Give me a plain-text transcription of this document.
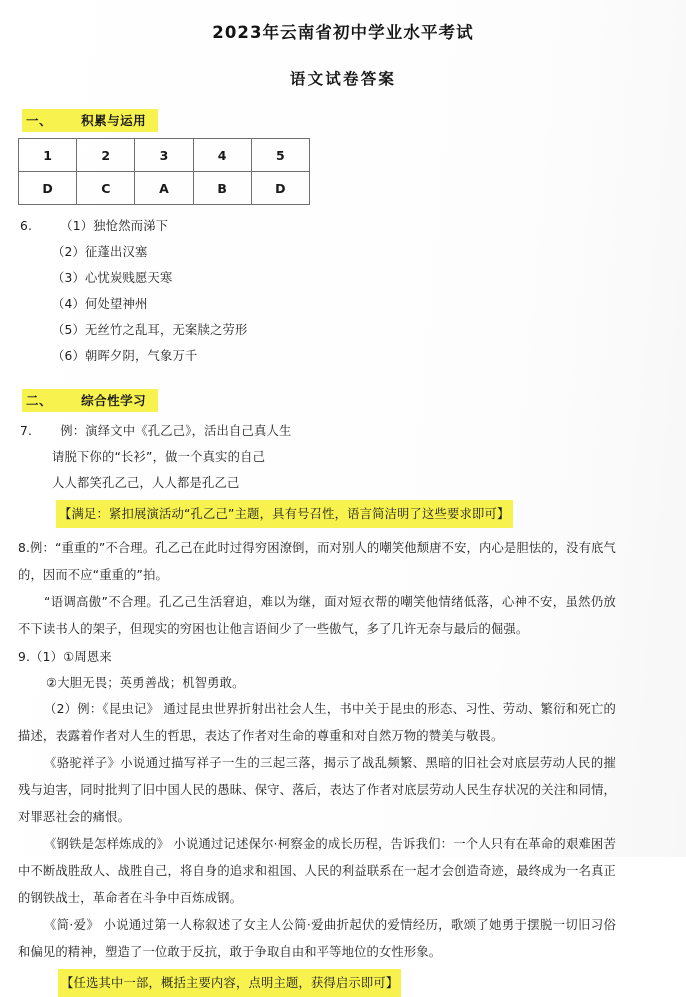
2023年云南省初中学业水平考试
语文试卷答案
一、      积累与运用
1	2	3	4	5
D	C	A	B	D
6. （1）独怆然而涕下
（2）征蓬出汉塞
（3）心忧炭贱愿天寒
（4）何处望神州
（5）无丝竹之乱耳，无案牍之劳形
（6）朝晖夕阴，气象万千
二、      综合性学习
7. 例：演绎文中《孔乙己》，活出自己真人生
请脱下你的“长衫”，做一个真实的自己
人人都笑孔乙己，人人都是孔乙己
【满足：紧扣展演活动“孔乙己”主题，具有号召性，语言简洁明了这些要求即可】
8.例：“重重的”不合理。孔乙己在此时过得穷困潦倒，而对别人的嘲笑他颓唐不安，内心是胆怯的，没有底气的，因而不应“重重的”拍。
“语调高傲”不合理。孔乙己生活窘迫，难以为继，面对短衣帮的嘲笑他情绪低落，心神不安，虽然仍放不下读书人的架子，但现实的穷困也让他言语间少了一些傲气，多了几许无奈与最后的倔强。
9.（1）①周恩来
②大胆无畏；英勇善战；机智勇敢。
（2）例：《昆虫记》 通过昆虫世界折射出社会人生，书中关于昆虫的形态、习性、劳动、繁衍和死亡的描述，表露着作者对人生的哲思，表达了作者对生命的尊重和对自然万物的赞美与敬畏。
《骆驼祥子》小说通过描写祥子一生的三起三落，揭示了战乱频繁、黑暗的旧社会对底层劳动人民的摧残与迫害，同时批判了旧中国人民的愚昧、保守、落后，表达了作者对底层劳动人民生存状况的关注和同情，对罪恶社会的痛恨。
《钢铁是怎样炼成的》 小说通过记述保尔·柯察金的成长历程，告诉我们：一个人只有在革命的艰难困苦中不断战胜敌人、战胜自己，将自身的追求和祖国、人民的利益联系在一起才会创造奇迹，最终成为一名真正的钢铁战士，革命者在斗争中百炼成钢。
《简·爱》 小说通过第一人称叙述了女主人公简·爱曲折起伏的爱情经历，歌颂了她勇于摆脱一切旧习俗和偏见的精神，塑造了一位敢于反抗，敢于争取自由和平等地位的女性形象。
【任选其中一部，概括主要内容，点明主题，获得启示即可】
